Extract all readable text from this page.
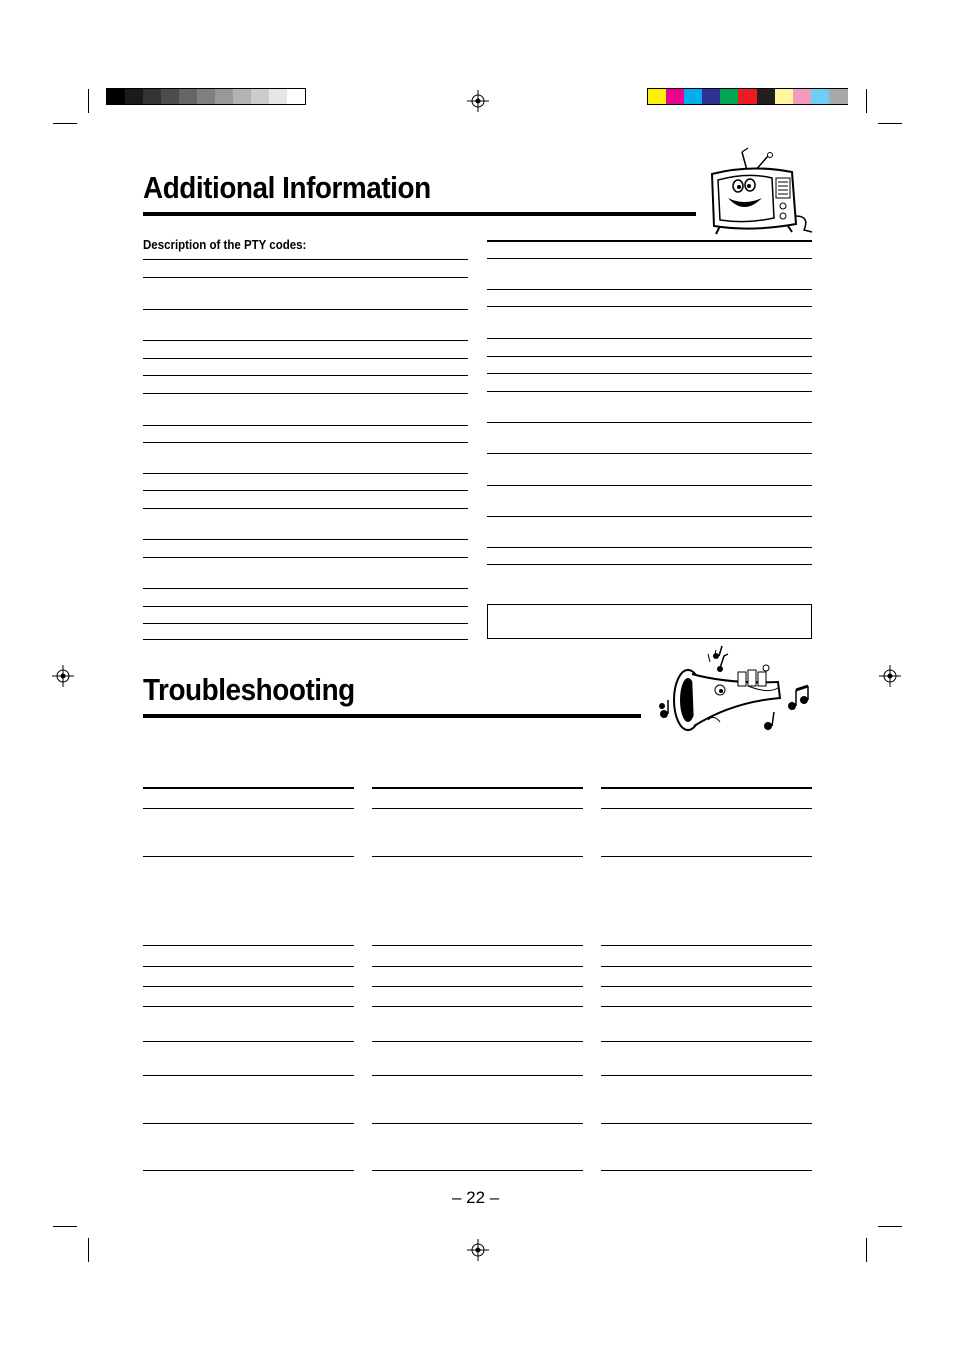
Additional Information
Description of the PTY codes:
Troubleshooting
– 22 –
